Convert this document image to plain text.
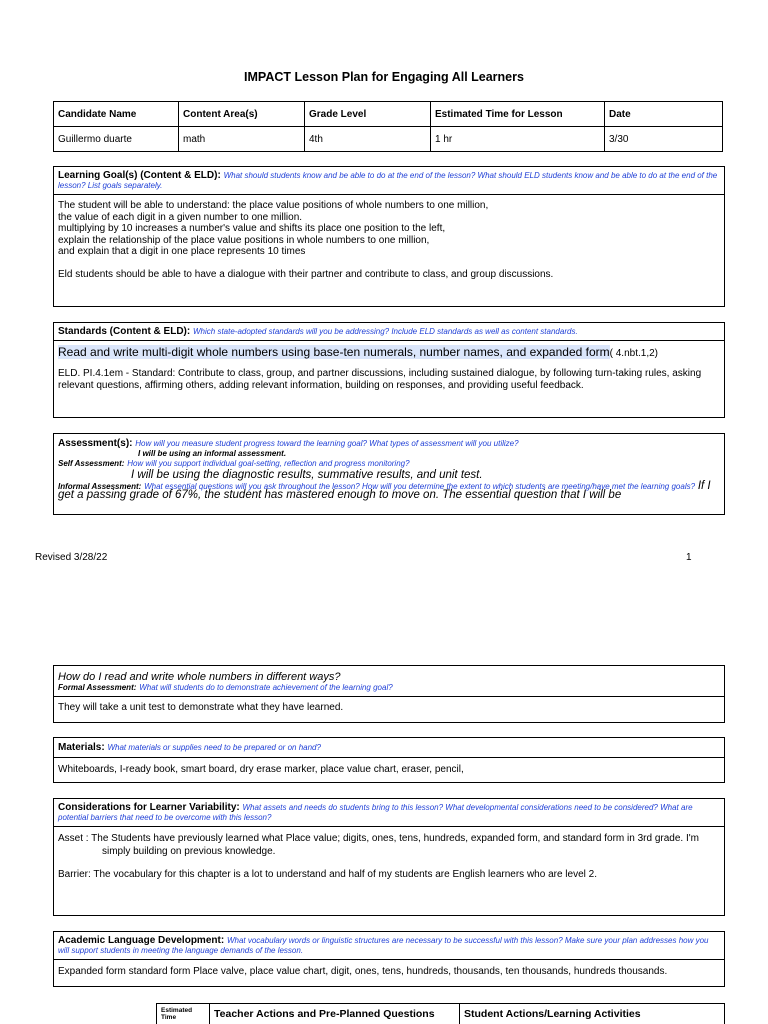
IMPACT Lesson Plan for Engaging All Learners
Candidate Name	Content Area(s)	Grade Level	Estimated Time for Lesson	Date
Guillermo duarte	math	4th	1 hr	3/30
Learning Goal(s) (Content & ELD): What should students know and be able to do at the end of the lesson? What should ELD students know and be able to do at the end of the lesson? List goals separately.

The student will be able to understand: the place value positions of whole numbers to one million,
the value of each digit in a given number to one million.
multiplying by 10 increases a number's value and shifts its place one position to the left,
explain the relationship of the place value positions in whole numbers to one million,
and explain that a digit in one place represents 10 times

Eld students should be able to have a dialogue with their partner and contribute to class, and group discussions.

Standards (Content & ELD): Which state-adopted standards will you be addressing? Include ELD standards as well as content standards.

Read and write multi-digit whole numbers using base-ten numerals, number names, and expanded form( 4.nbt.1,2)

ELD. PI.4.1em - Standard: Contribute to class, group, and partner discussions, including sustained dialogue, by following turn-taking rules, asking relevant questions, affirming others, adding relevant information, building on responses, and providing useful feedback.

Assessment(s): How will you measure student progress toward the learning goal? What types of assessment will you utilize?
I will be using an informal assessment.
Self Assessment: How will you support individual goal-setting, reflection and progress monitoring?
I will be using the diagnostic results, summative results, and unit test.
Informal Assessment: What essential questions will you ask throughout the lesson? How will you determine the extent to which students are meeting/have met the learning goals? If I get a passing grade of 67%, the student has mastered enough to move on. The essential question that I will be
Revised 3/28/22	1
How do I read and write whole numbers in different ways?
Formal Assessment: What will students do to demonstrate achievement of the learning goal?
They will take a unit test to demonstrate what they have learned.
Materials: What materials or supplies need to be prepared or on hand?
Whiteboards, I-ready book, smart board, dry erase marker, place value chart, eraser, pencil,
Considerations for Learner Variability: What assets and needs do students bring to this lesson? What developmental considerations need to be considered? What are potential barriers that need to be overcome with this lesson?

Asset : The Students have previously learned what Place value; digits, ones, tens, hundreds, expanded form, and standard form in 3rd grade. I'm simply building on previous knowledge.

Barrier: The vocabulary for this chapter is a lot to understand and half of my students are English learners who are level 2.

Academic Language Development: What vocabulary words or linguistic structures are necessary to be successful with this lesson? Make sure your plan addresses how you will support students in meeting the language demands of the lesson.
Expanded form standard form Place valve, place value chart, digit, ones, tens, hundreds, thousands, ten thousands, hundreds thousands.
Estimated Time	Teacher Actions and Pre-Planned Questions	Student Actions/Learning Activities
